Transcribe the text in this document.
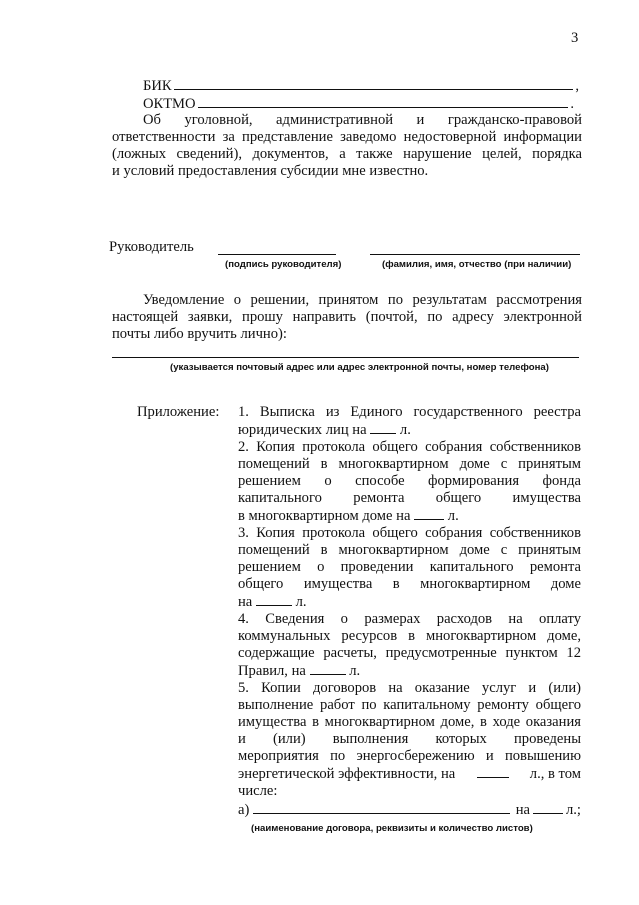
3
БИК	,
ОКТМО	.
Об уголовной, административной и гражданско-правовой
ответственности за представление заведомо недостоверной информации
(ложных сведений), документов, а также нарушение целей, порядка
и условий предоставления субсидии мне известно.
Руководитель
(подпись руководителя)	(фамилия, имя, отчество (при наличии)
Уведомление о решении, принятом по результатам рассмотрения
настоящей заявки, прошу направить (почтой, по адресу электронной
почты либо вручить лично):
(указывается почтовый адрес или адрес электронной почты, номер телефона)
Приложение: 1. Выписка из Единого государственного реестра
юридических лиц на л.
2. Копия протокола общего собрания собственников
помещений в многоквартирном доме с принятым
решением о способе формирования фонда
капитального ремонта общего имущества
в многоквартирном доме на	л.
3. Копия протокола общего собрания собственников
помещений в многоквартирном доме с принятым
решением о проведении капитального ремонта
общего имущества в многоквартирном доме
на	л.
4. Сведения о размерах расходов на оплату
коммунальных ресурсов в многоквартирном доме,
содержащие расчеты, предусмотренные пунктом 12
Правил, на	л.
5. Копии договоров на оказание услуг и (или)
выполнение работ по капитальному ремонту общего
имущества в многоквартирном доме, в ходе оказания
и (или) выполнения которых проведены
мероприятия по энергосбережению и повышению
энергетической эффективности, на	л., в том
числе:
а)	на л.;
(наименование договора, реквизиты и количество листов)
